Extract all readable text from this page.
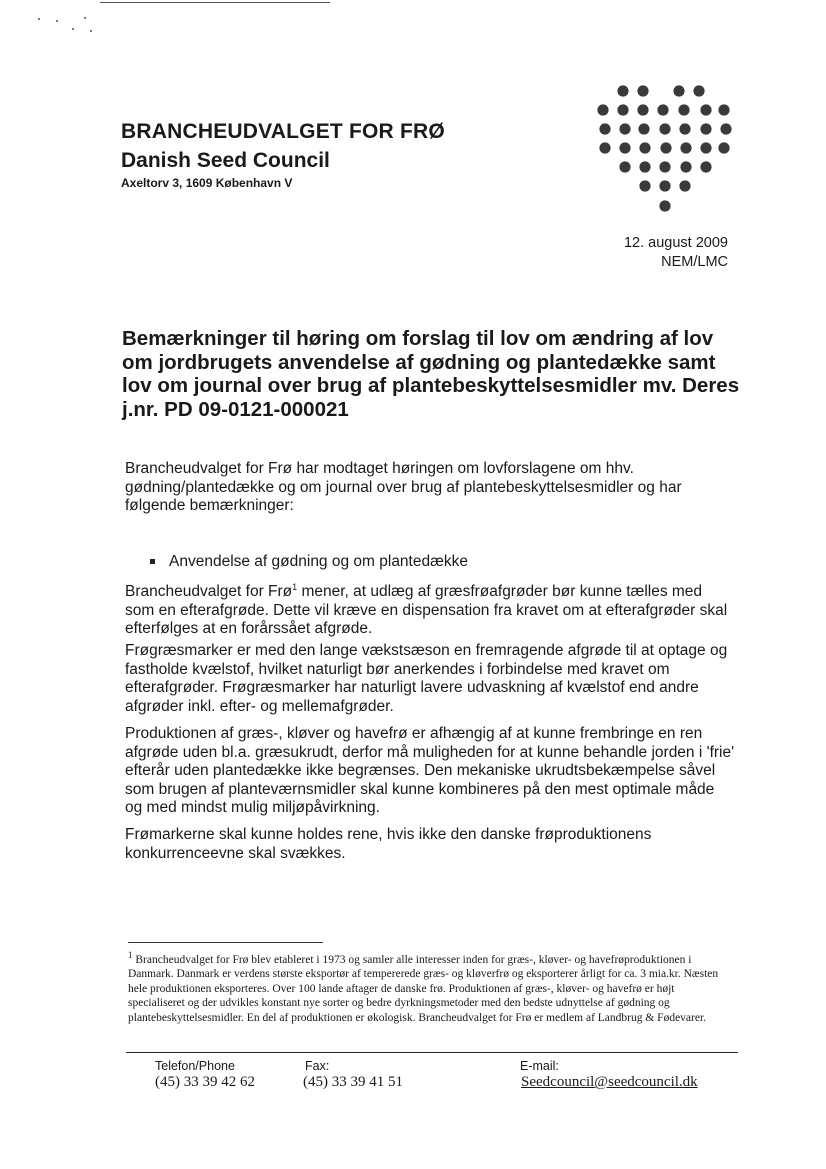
BRANCHEUDVALGET FOR FRØ
Danish Seed Council
Axeltorv 3, 1609 København V
12. august 2009
NEM/LMC
Bemærkninger til høring om forslag til lov om ændring af lov om jordbrugets anvendelse af gødning og plantedække samt lov om journal over brug af plantebeskyttelsesmidler mv. Deres j.nr. PD 09-0121-000021

Brancheudvalget for Frø har modtaget høringen om lovforslagene om hhv. gødning/plantedække og om journal over brug af plantebeskyttelsesmidler og har følgende bemærkninger:

Anvendelse af gødning og om plantedække

Brancheudvalget for Frø$^1$ mener, at udlæg af græsfrøafgrøder bør kunne tælles med som en efterafgrøde. Dette vil kræve en dispensation fra kravet om at efterafgrøder skal efterfølges at en forårssået afgrøde.

Frøgræsmarker er med den lange vækstsæson en fremragende afgrøde til at optage og fastholde kvælstof, hvilket naturligt bør anerkendes i forbindelse med kravet om efterafgrøder. Frøgræsmarker har naturligt lavere udvaskning af kvælstof end andre afgrøder inkl. efter- og mellemafgrøder.

Produktionen af græs-, kløver og havefrø er afhængig af at kunne frembringe en ren afgrøde uden bl.a. græsukrudt, derfor må muligheden for at kunne behandle jorden i 'frie' efterår uden plantedække ikke begrænses. Den mekaniske ukrudtsbekæmpelse såvel som brugen af planteværnsmidler skal kunne kombineres på den mest optimale måde og med mindst mulig miljøpåvirkning.

Frømarkerne skal kunne holdes rene, hvis ikke den danske frøproduktionens konkurrenceevne skal svækkes.

$^1$ Brancheudvalget for Frø blev etableret i 1973 og samler alle interesser inden for græs-, kløver- og havefrøproduktionen i Danmark. Danmark er verdens største eksportør af tempererede græs- og kløverfrø og eksporterer årligt for ca. 3 mia.kr. Næsten hele produktionen eksporteres. Over 100 lande aftager de danske frø. Produktionen af græs-, kløver- og havefrø er højt specialiseret og der udvikles konstant nye sorter og bedre dyrkningsmetoder med den bedste udnyttelse af gødning og plantebeskyttelsesmidler. En del af produktionen er økologisk. Brancheudvalget for Frø er medlem af Landbrug & Fødevarer.

Telefon/Phone
(45) 33 39 42 62
Fax:
(45) 33 39 41 51
E-mail:
Seedcouncil@seedcouncil.dk
